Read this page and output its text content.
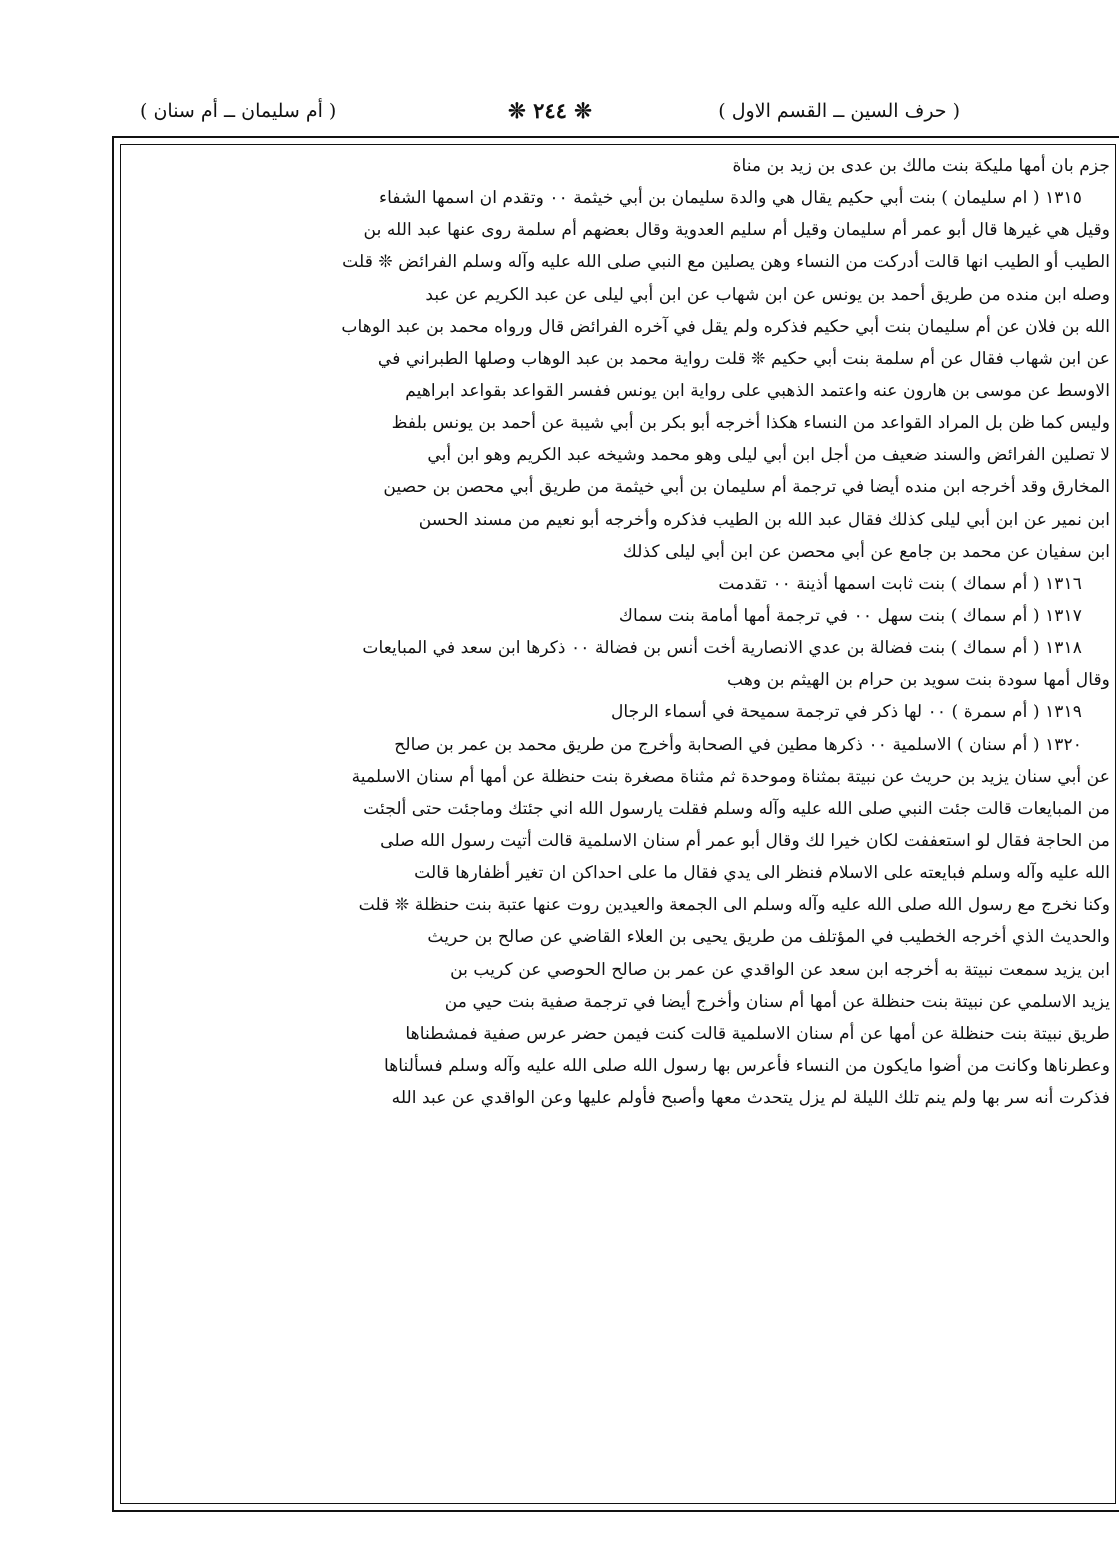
( حرف السين ــ القسم الاول )
❊ ٢٤٤ ❊
( أم سليمان ــ أم سنان )
جزم بان أمها مليكة بنت مالك بن عدى بن زيد بن مناة
١٣١٥ ( ام سليمان ) بنت أبي حكيم يقال هي والدة سليمان بن أبي خيثمة ٠٠ وتقدم ان اسمها الشفاء
وقيل هي غيرها قال أبو عمر أم سليمان وقيل أم سليم العدوية وقال بعضهم أم سلمة روى عنها عبد الله بن
الطيب أو الطيب انها قالت أدركت من النساء وهن يصلين مع النبي صلى الله عليه وآله وسلم الفرائض ❊ قلت
وصله ابن منده من طريق أحمد بن يونس عن ابن شهاب عن ابن أبي ليلى عن عبد الكريم عن عبد
الله بن فلان عن أم سليمان بنت أبي حكيم فذكره ولم يقل في آخره الفرائض قال ورواه محمد بن عبد الوهاب
عن ابن شهاب فقال عن أم سلمة بنت أبي حكيم ❊ قلت رواية محمد بن عبد الوهاب وصلها الطبراني في
الاوسط عن موسى بن هارون عنه واعتمد الذهبي على رواية ابن يونس ففسر القواعد بقواعد ابراهيم
وليس كما ظن بل المراد القواعد من النساء هكذا أخرجه أبو بكر بن أبي شيبة عن أحمد بن يونس بلفظ
لا تصلين الفرائض والسند ضعيف من أجل ابن أبي ليلى وهو محمد وشيخه عبد الكريم وهو ابن أبي
المخارق وقد أخرجه ابن منده أيضا في ترجمة أم سليمان بن أبي خيثمة من طريق أبي محصن بن حصين
ابن نمير عن ابن أبي ليلى كذلك فقال عبد الله بن الطيب فذكره وأخرجه أبو نعيم من مسند الحسن
ابن سفيان عن محمد بن جامع عن أبي محصن عن ابن أبي ليلى كذلك
١٣١٦ ( أم سماك ) بنت ثابت اسمها أذينة ٠٠ تقدمت
١٣١٧ ( أم سماك ) بنت سهل ٠٠ في ترجمة أمها أمامة بنت سماك
١٣١٨ ( أم سماك ) بنت فضالة بن عدي الانصارية أخت أنس بن فضالة ٠٠ ذكرها ابن سعد في المبايعات
وقال أمها سودة بنت سويد بن حرام بن الهيثم بن وهب
١٣١٩ ( أم سمرة ) ٠٠ لها ذكر في ترجمة سميحة في أسماء الرجال
١٣٢٠ ( أم سنان ) الاسلمية ٠٠ ذكرها مطين في الصحابة وأخرج من طريق محمد بن عمر بن صالح
عن أبي سنان يزيد بن حريث عن نبيتة بمثناة وموحدة ثم مثناة مصغرة بنت حنظلة عن أمها أم سنان الاسلمية
من المبايعات قالت جئت النبي صلى الله عليه وآله وسلم فقلت يارسول الله اني جئتك وماجئت حتى ألجئت
من الحاجة فقال لو استعففت لكان خيرا لك وقال أبو عمر أم سنان الاسلمية قالت أتيت رسول الله صلى
الله عليه وآله وسلم فبايعته على الاسلام فنظر الى يدي فقال ما على احداكن ان تغير أظفارها قالت
وكنا نخرج مع رسول الله صلى الله عليه وآله وسلم الى الجمعة والعيدين روت عنها عتبة بنت حنظلة ❊ قلت
والحديث الذي أخرجه الخطيب في المؤتلف من طريق يحيى بن العلاء القاضي عن صالح بن حريث
ابن يزيد سمعت نبيتة به أخرجه ابن سعد عن الواقدي عن عمر بن صالح الحوصي عن كريب بن
يزيد الاسلمي عن نبيتة بنت حنظلة عن أمها أم سنان وأخرج أيضا في ترجمة صفية بنت حيي من
طريق نبيتة بنت حنظلة عن أمها عن أم سنان الاسلمية قالت كنت فيمن حضر عرس صفية فمشطناها
وعطرناها وكانت من أضوا مايكون من النساء فأعرس بها رسول الله صلى الله عليه وآله وسلم فسألناها
فذكرت أنه سر بها ولم ينم تلك الليلة لم يزل يتحدث معها وأصبح فأولم عليها وعن الواقدي عن عبد الله
